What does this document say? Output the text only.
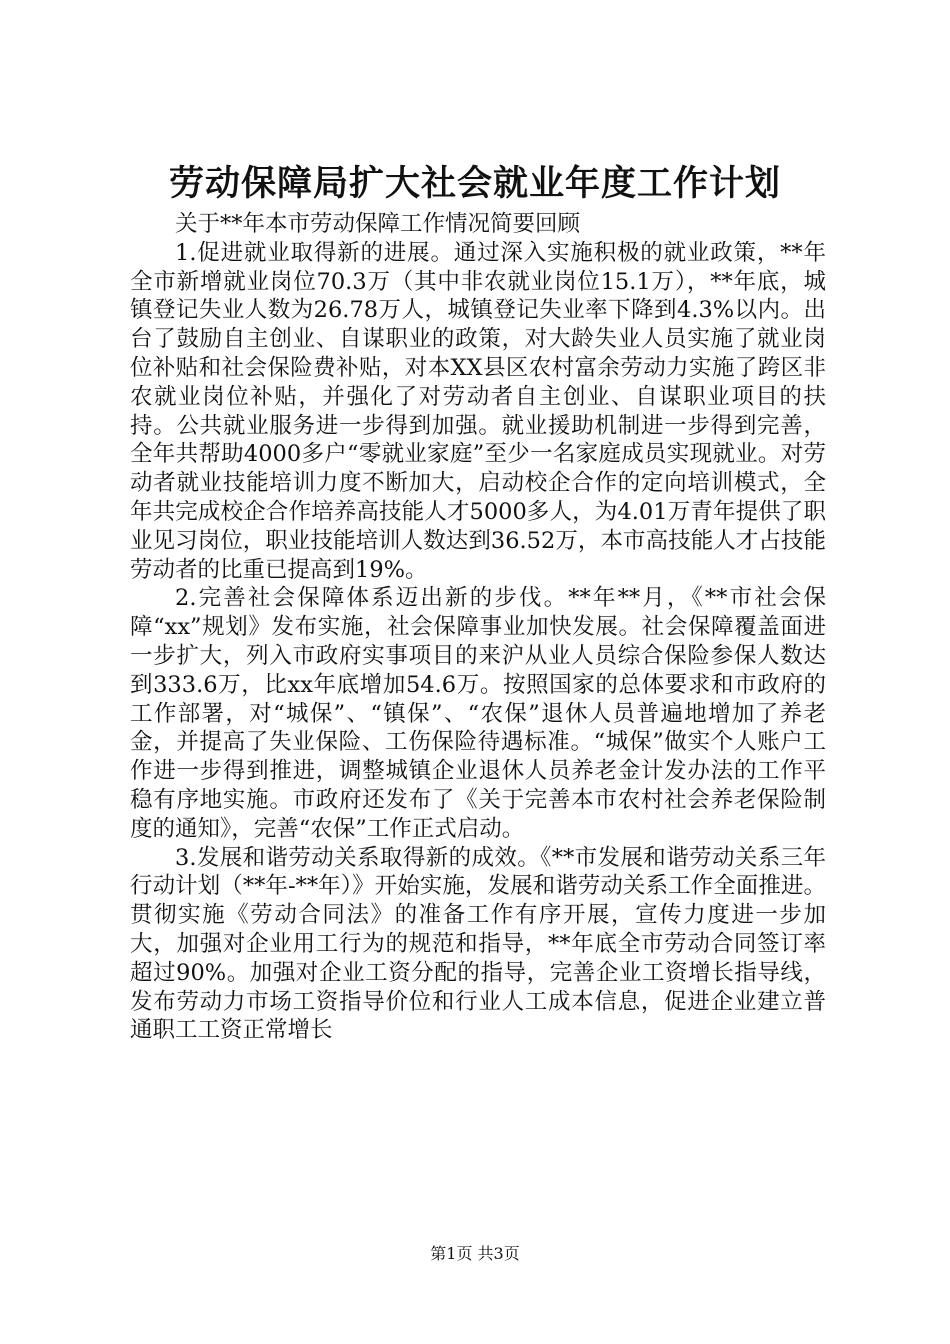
劳动保障局扩大社会就业年度工作计划

关于**年本市劳动保障工作情况简要回顾

1.促进就业取得新的进展。通过深入实施积极的就业政策，**年全市新增就业岗位70.3万（其中非农就业岗位15.1万），**年底，城镇登记失业人数为26.78万人，城镇登记失业率下降到4.3%以内。出台了鼓励自主创业、自谋职业的政策，对大龄失业人员实施了就业岗位补贴和社会保险费补贴，对本XX县区农村富余劳动力实施了跨区非农就业岗位补贴，并强化了对劳动者自主创业、自谋职业项目的扶持。公共就业服务进一步得到加强。就业援助机制进一步得到完善，全年共帮助4000多户“零就业家庭”至少一名家庭成员实现就业。对劳动者就业技能培训力度不断加大，启动校企合作的定向培训模式，全年共完成校企合作培养高技能人才5000多人，为4.01万青年提供了职业见习岗位，职业技能培训人数达到36.52万，本市高技能人才占技能劳动者的比重已提高到19%。

2.完善社会保障体系迈出新的步伐。**年**月，《**市社会保障“xx”规划》发布实施，社会保障事业加快发展。社会保障覆盖面进一步扩大，列入市政府实事项目的来沪从业人员综合保险参保人数达到333.6万，比xx年底增加54.6万。按照国家的总体要求和市政府的工作部署，对“城保”、“镇保”、“农保”退休人员普遍地增加了养老金，并提高了失业保险、工伤保险待遇标准。“城保”做实个人账户工作进一步得到推进，调整城镇企业退休人员养老金计发办法的工作平稳有序地实施。市政府还发布了《关于完善本市农村社会养老保险制度的通知》，完善“农保”工作正式启动。

3.发展和谐劳动关系取得新的成效。《**市发展和谐劳动关系三年行动计划（**年-**年）》开始实施，发展和谐劳动关系工作全面推进。贯彻实施《劳动合同法》的准备工作有序开展，宣传力度进一步加大，加强对企业用工行为的规范和指导，**年底全市劳动合同签订率超过90%。加强对企业工资分配的指导，完善企业工资增长指导线，发布劳动力市场工资指导价位和行业人工成本信息，促进企业建立普通职工工资正常增长

第1页 共3页
